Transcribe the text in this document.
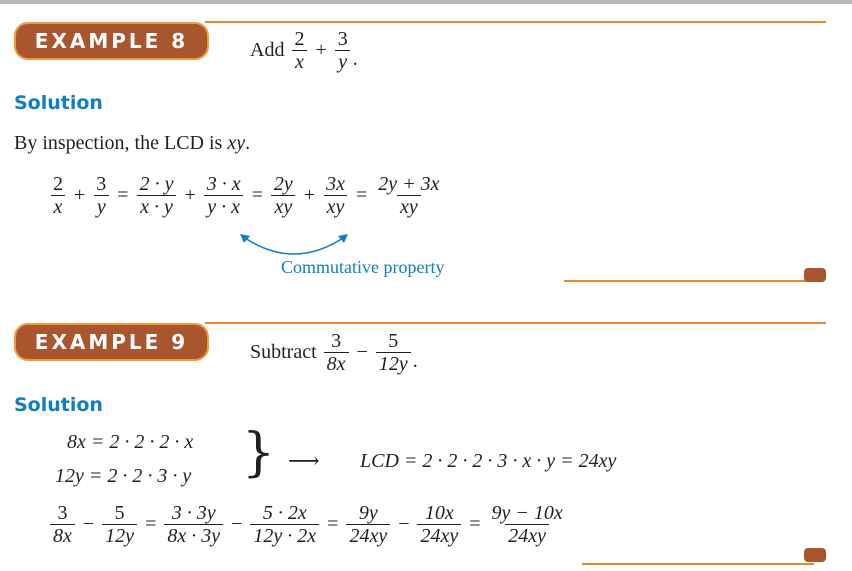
EXAMPLE 8	Add $\frac{2}{x} + \frac{3}{y}$ .
Solution
By inspection, the LCD is xy.
$\frac{2}{x} + \frac{3}{y} = \frac{2 \cdot y}{x \cdot y} + \frac{3 \cdot x}{y \cdot x} = \frac{2y}{xy} + \frac{3x}{xy} = \frac{2y + 3x}{xy}$
Commutative property
EXAMPLE 9	Subtract $\frac{3}{8x} - \frac{5}{12y}$ .
Solution
8x = 2 · 2 · 2 · x
12y = 2 · 2 · 3 · y } ⟶ LCD = 2 · 2 · 2 · 3 · x · y = 24xy
$\frac{3}{8x} - \frac{5}{12y} = \frac{3 \cdot 3y}{8x \cdot 3y} - \frac{5 \cdot 2x}{12y \cdot 2x} = \frac{9y}{24xy} - \frac{10x}{24xy} = \frac{9y - 10x}{24xy}$
